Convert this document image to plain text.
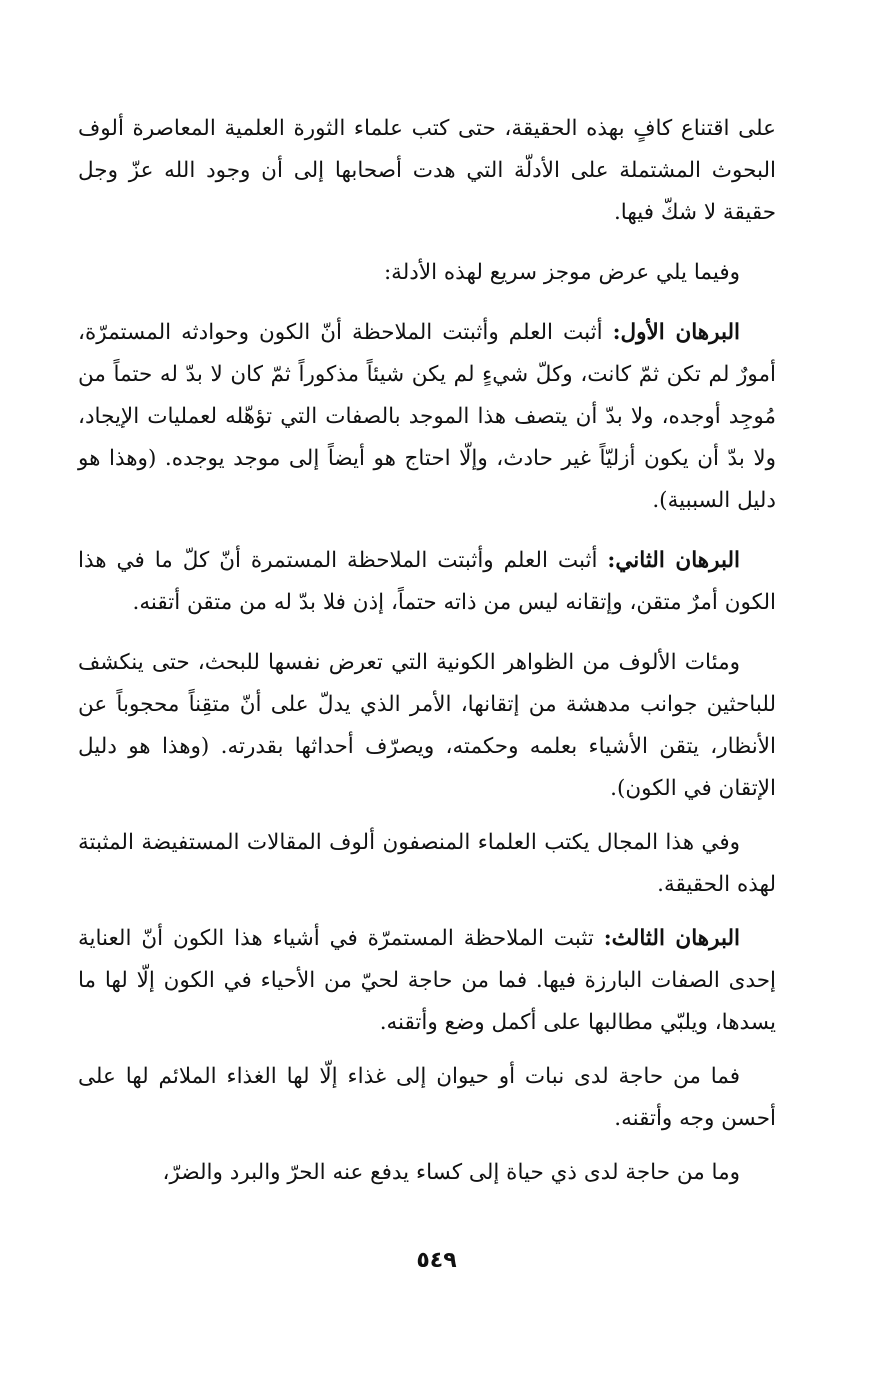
على اقتناع كافٍ بهذه الحقيقة، حتى كتب علماء الثورة العلمية المعاصرة ألوف البحوث المشتملة على الأدلّة التي هدت أصحابها إلى أن وجود الله عزّ وجل حقيقة لا شكّ فيها.

وفيما يلي عرض موجز سريع لهذه الأدلة:

البرهان الأول: أثبت العلم وأثبتت الملاحظة أنّ الكون وحوادثه المستمرّة، أمورٌ لم تكن ثمّ كانت، وكلّ شيءٍ لم يكن شيئاً مذكوراً ثمّ كان لا بدّ له حتماً من مُوجِد أوجده، ولا بدّ أن يتصف هذا الموجد بالصفات التي تؤهّله لعمليات الإيجاد، ولا بدّ أن يكون أزليّاً غير حادث، وإلّا احتاج هو أيضاً إلى موجد يوجده. (وهذا هو دليل السببية).

البرهان الثاني: أثبت العلم وأثبتت الملاحظة المستمرة أنّ كلّ ما في هذا الكون أمرٌ متقن، وإتقانه ليس من ذاته حتماً، إذن فلا بدّ له من متقن أتقنه.

ومئات الألوف من الظواهر الكونية التي تعرض نفسها للبحث، حتى ينكشف للباحثين جوانب مدهشة من إتقانها، الأمر الذي يدلّ على أنّ متقِناً محجوباً عن الأنظار، يتقن الأشياء بعلمه وحكمته، ويصرّف أحداثها بقدرته. (وهذا هو دليل الإتقان في الكون).

وفي هذا المجال يكتب العلماء المنصفون ألوف المقالات المستفيضة المثبتة لهذه الحقيقة.

البرهان الثالث: تثبت الملاحظة المستمرّة في أشياء هذا الكون أنّ العناية إحدى الصفات البارزة فيها. فما من حاجة لحيّ من الأحياء في الكون إلّا لها ما يسدها، ويلبّي مطالبها على أكمل وضع وأتقنه.

فما من حاجة لدى نبات أو حيوان إلى غذاء إلّا لها الغذاء الملائم لها على أحسن وجه وأتقنه.

وما من حاجة لدى ذي حياة إلى كساء يدفع عنه الحرّ والبرد والضرّ،

٥٤٩
